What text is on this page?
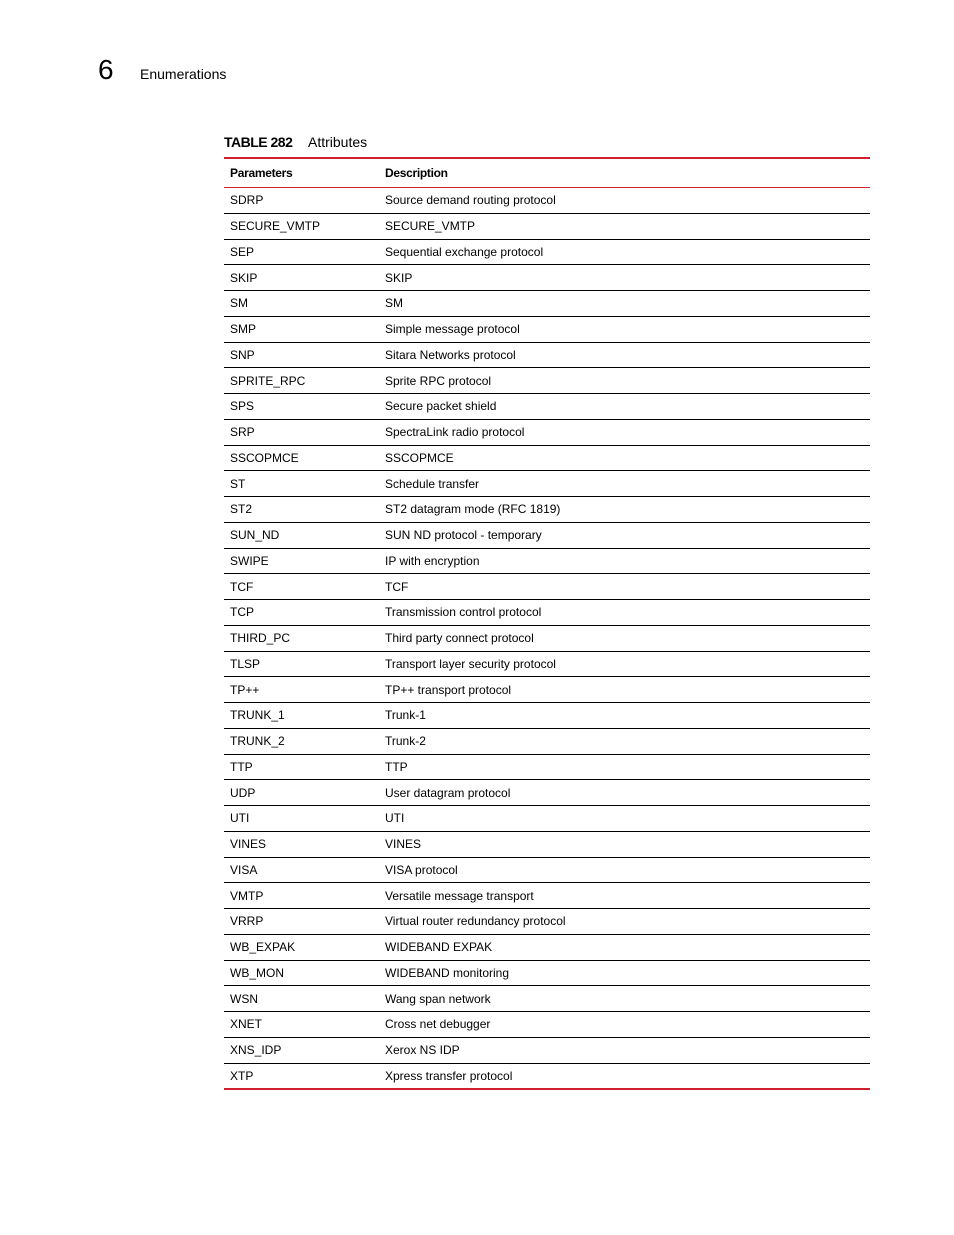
6	Enumerations
TABLE 282	Attributes
Parameters	Description
SDRP	Source demand routing protocol
SECURE_VMTP	SECURE_VMTP
SEP	Sequential exchange protocol
SKIP	SKIP
SM	SM
SMP	Simple message protocol
SNP	Sitara Networks protocol
SPRITE_RPC	Sprite RPC protocol
SPS	Secure packet shield
SRP	SpectraLink radio protocol
SSCOPMCE	SSCOPMCE
ST	Schedule transfer
ST2	ST2 datagram mode (RFC 1819)
SUN_ND	SUN ND protocol - temporary
SWIPE	IP with encryption
TCF	TCF
TCP	Transmission control protocol
THIRD_PC	Third party connect protocol
TLSP	Transport layer security protocol
TP++	TP++ transport protocol
TRUNK_1	Trunk-1
TRUNK_2	Trunk-2
TTP	TTP
UDP	User datagram protocol
UTI	UTI
VINES	VINES
VISA	VISA protocol
VMTP	Versatile message transport
VRRP	Virtual router redundancy protocol
WB_EXPAK	WIDEBAND EXPAK
WB_MON	WIDEBAND monitoring
WSN	Wang span network
XNET	Cross net debugger
XNS_IDP	Xerox NS IDP
XTP	Xpress transfer protocol
